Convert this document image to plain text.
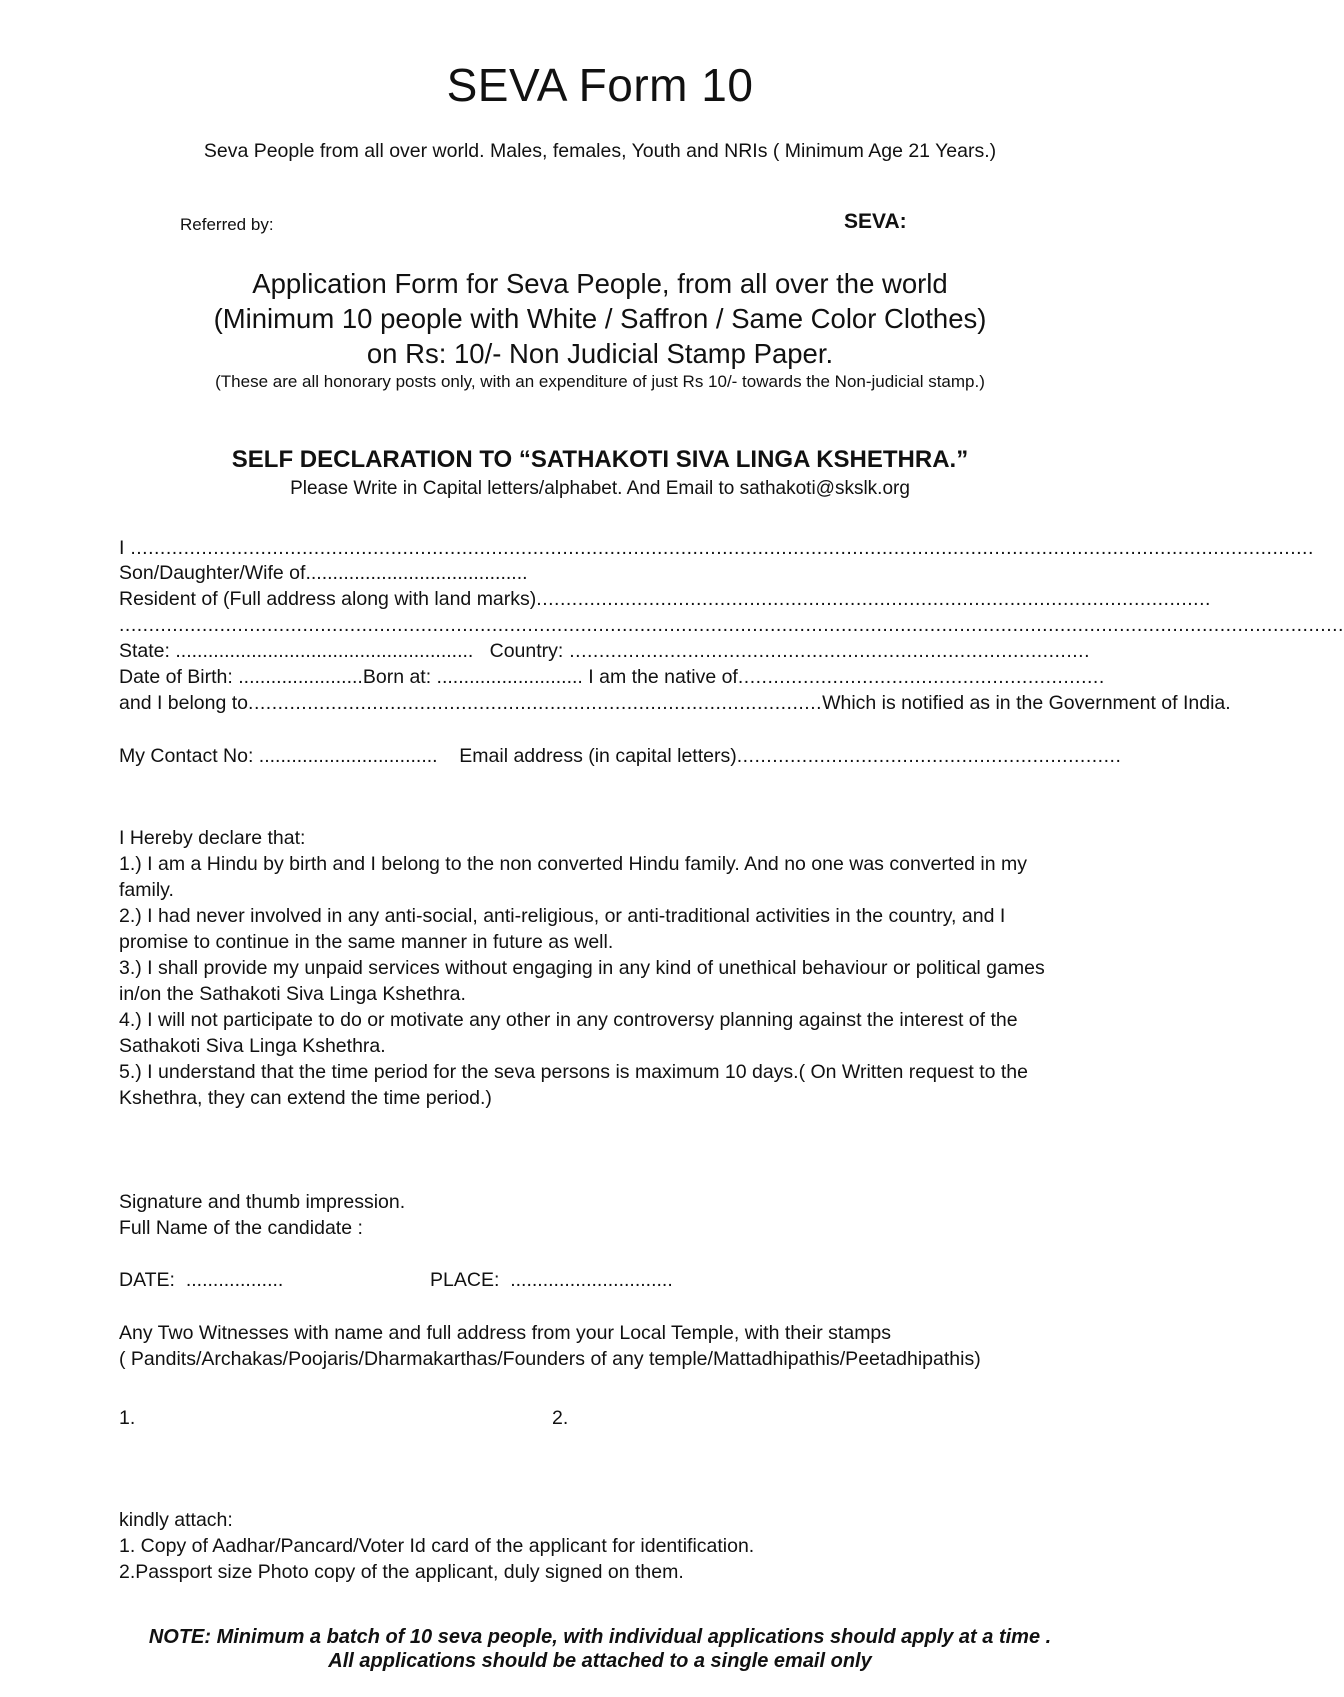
SEVA Form 10
Seva People from all over world. Males, females, Youth and NRIs ( Minimum Age 21 Years.)
Referred by:	SEVA:
Application Form for Seva People, from all over the world
(Minimum 10 people with White / Saffron / Same Color Clothes)
on Rs: 10/- Non Judicial Stamp Paper.
(These are all honorary posts only, with an expenditure of just Rs 10/- towards the Non-judicial stamp.)
SELF DECLARATION TO “SATHAKOTI SIVA LINGA KSHETHRA.”
Please Write in Capital letters/alphabet. And Email to sathakoti@skslk.org
I ........................................................................................................................................................................................................
Son/Daughter/Wife of .........................................
Resident of (Full address along with land marks) ..................................................................................................................
...............................................................................................................................................................................................................
State: ....................................................... Country: ........................................................................................
Date of Birth: ....................... Born at: ........................... I am the native of ..............................................................
and I belong to ................................................................................................. Which is notified as in the Government of India.
My Contact No: ................................. Email address (in capital letters) .................................................................
I Hereby declare that:
1.) I am a Hindu by birth and I belong to the non converted Hindu family. And no one was converted in my
family.
2.) I had never involved in any anti-social, anti-religious, or anti-traditional activities in the country, and I
promise to continue in the same manner in future as well.
3.) I shall provide my unpaid services without engaging in any kind of unethical behaviour or political games
in/on the Sathakoti Siva Linga Kshethra.
4.) I will not participate to do or motivate any other in any controversy planning against the interest of the
Sathakoti Siva Linga Kshethra.
5.) I understand that the time period for the seva persons is maximum 10 days.( On Written request to the
Kshethra, they can extend the time period.)
Signature and thumb impression.
Full Name of the candidate :
DATE:  ..................	PLACE:  ..............................
Any Two Witnesses with name and full address from your Local Temple, with their stamps
( Pandits/Archakas/Poojaris/Dharmakarthas/Founders of any temple/Mattadhipathis/Peetadhipathis)
1.	2.
kindly attach:
1. Copy of Aadhar/Pancard/Voter Id card of the applicant for identification.
2.Passport size Photo copy of the applicant, duly signed on them.
NOTE: Minimum a batch of 10 seva people, with individual applications should apply at a time .
All applications should be attached to a single email only
